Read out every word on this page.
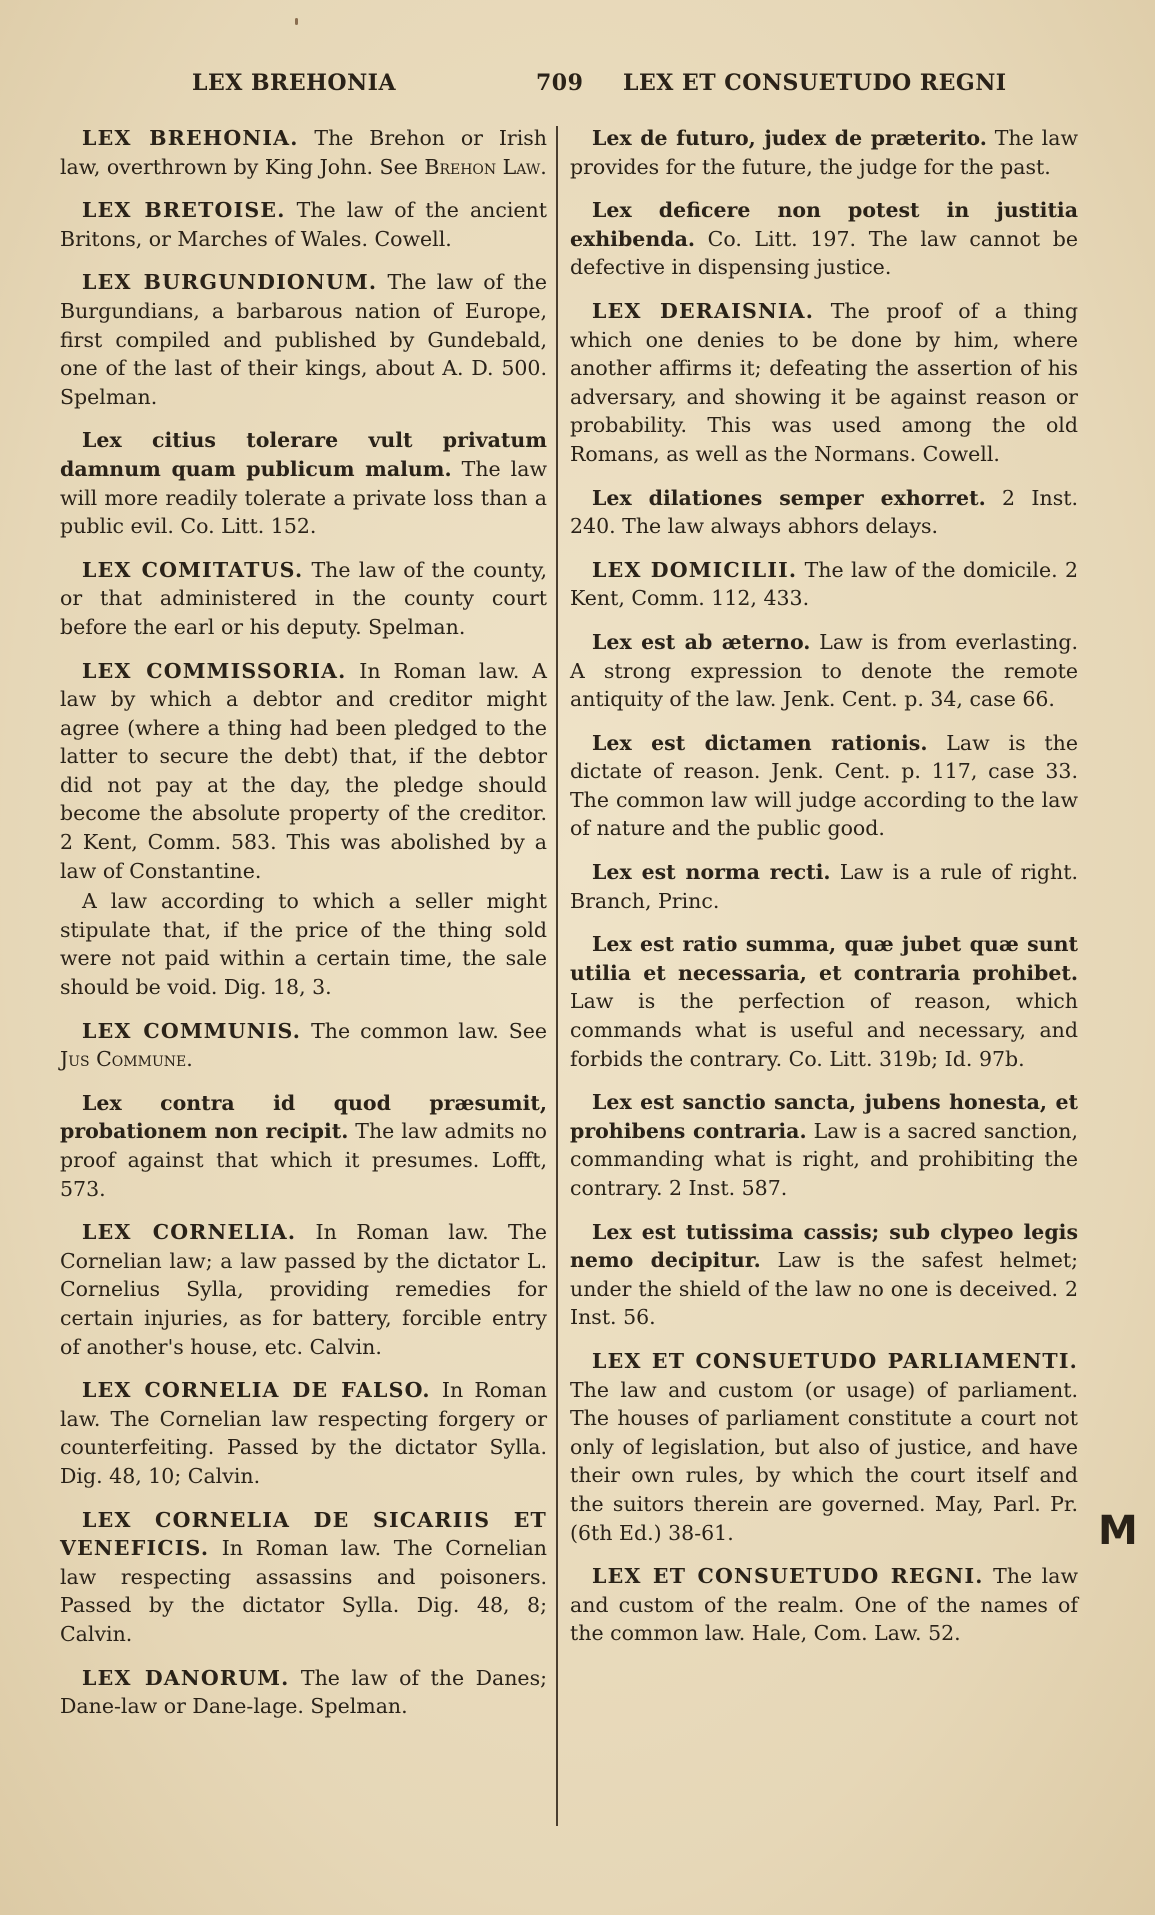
LEX BREHONIA	709 LEX ET CONSUETUDO REGNI

LEX BREHONIA. The Brehon or Irish law, overthrown by King John. See Brehon Law.

LEX BRETOISE. The law of the ancient Britons, or Marches of Wales. Cowell.

LEX BURGUNDIONUM. The law of the Burgundians, a barbarous nation of Europe, first compiled and published by Gundebald, one of the last of their kings, about A. D. 500. Spelman.

Lex citius tolerare vult privatum damnum quam publicum malum. The law will more readily tolerate a private loss than a public evil. Co. Litt. 152.

LEX COMITATUS. The law of the county, or that administered in the county court before the earl or his deputy. Spelman.

LEX COMMISSORIA. In Roman law. A law by which a debtor and creditor might agree (where a thing had been pledged to the latter to secure the debt) that, if the debtor did not pay at the day, the pledge should become the absolute property of the creditor. 2 Kent, Comm. 583. This was abolished by a law of Constantine.

A law according to which a seller might stipulate that, if the price of the thing sold were not paid within a certain time, the sale should be void. Dig. 18, 3.

LEX COMMUNIS. The common law. See Jus Commune.

Lex contra id quod præsumit, probationem non recipit. The law admits no proof against that which it presumes. Lofft, 573.

LEX CORNELIA. In Roman law. The Cornelian law; a law passed by the dictator L. Cornelius Sylla, providing remedies for certain injuries, as for battery, forcible entry of another's house, etc. Calvin.

LEX CORNELIA DE FALSO. In Roman law. The Cornelian law respecting forgery or counterfeiting. Passed by the dictator Sylla. Dig. 48, 10; Calvin.

LEX CORNELIA DE SICARIIS ET VENEFICIS. In Roman law. The Cornelian law respecting assassins and poisoners. Passed by the dictator Sylla. Dig. 48, 8; Calvin.

LEX DANORUM. The law of the Danes; Dane-law or Dane-lage. Spelman.

Lex de futuro, judex de præterito. The law provides for the future, the judge for the past.

Lex deficere non potest in justitia exhibenda. Co. Litt. 197. The law cannot be defective in dispensing justice.

LEX DERAISNIA. The proof of a thing which one denies to be done by him, where another affirms it; defeating the assertion of his adversary, and showing it be against reason or probability. This was used among the old Romans, as well as the Normans. Cowell.

Lex dilationes semper exhorret. 2 Inst. 240. The law always abhors delays.

LEX DOMICILII. The law of the domicile. 2 Kent, Comm. 112, 433.

Lex est ab æterno. Law is from everlasting. A strong expression to denote the remote antiquity of the law. Jenk. Cent. p. 34, case 66.

Lex est dictamen rationis. Law is the dictate of reason. Jenk. Cent. p. 117, case 33. The common law will judge according to the law of nature and the public good.

Lex est norma recti. Law is a rule of right. Branch, Princ.

Lex est ratio summa, quæ jubet quæ sunt utilia et necessaria, et contraria prohibet. Law is the perfection of reason, which commands what is useful and necessary, and forbids the contrary. Co. Litt. 319b; Id. 97b.

Lex est sanctio sancta, jubens honesta, et prohibens contraria. Law is a sacred sanction, commanding what is right, and prohibiting the contrary. 2 Inst. 587.

Lex est tutissima cassis; sub clypeo legis nemo decipitur. Law is the safest helmet; under the shield of the law no one is deceived. 2 Inst. 56.

LEX ET CONSUETUDO PARLIAMENTI. The law and custom (or usage) of parliament. The houses of parliament constitute a court not only of legislation, but also of justice, and have their own rules, by which the court itself and the suitors therein are governed. May, Parl. Pr. (6th Ed.) 38-61.

LEX ET CONSUETUDO REGNI. The law and custom of the realm. One of the names of the common law. Hale, Com. Law. 52.

M
